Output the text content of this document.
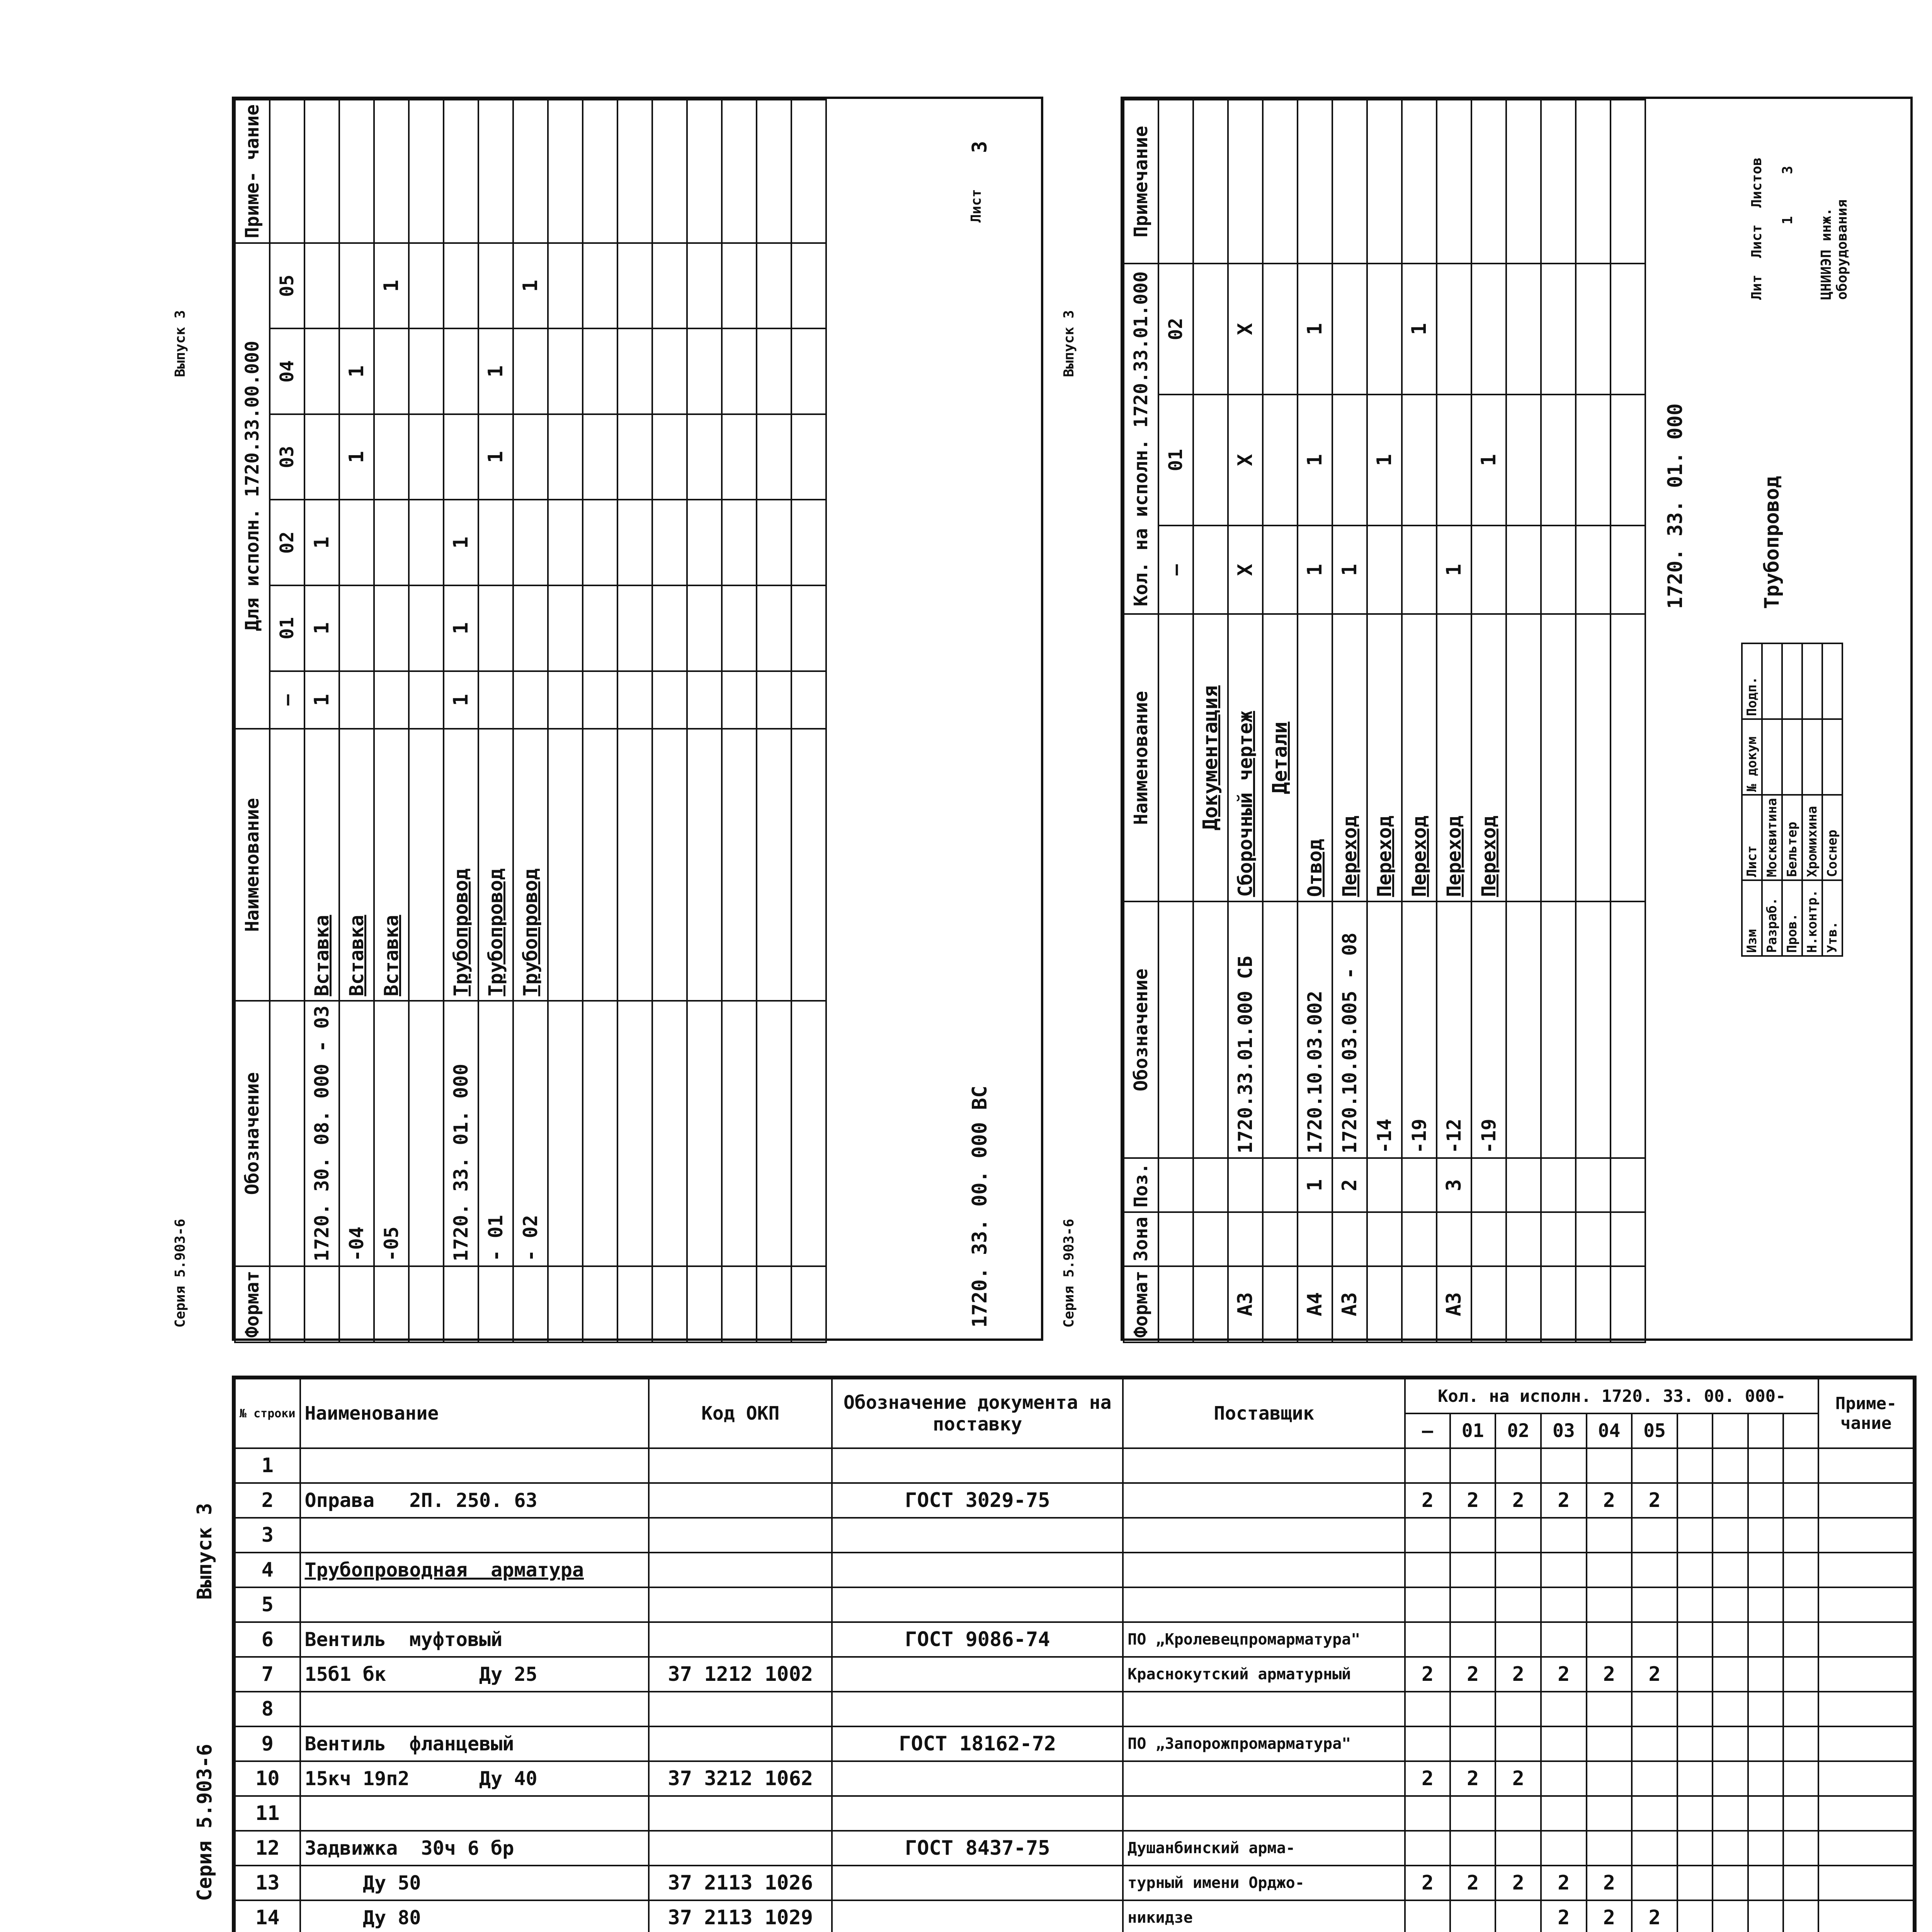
Формат	Обозначение	Наименование	Для исполн. 1720.33.00.000						Приме- чание
			—	01	02	03	04	05	
	1720. 30. 08. 000 - 03	Вставка	1	1	1				
	-04	Вставка				1	1		
	-05	Вставка						1	

	1720. 33. 01. 000	Трубопровод	1	1	1				
	- 01	Трубопровод				1	1		
	- 02	Трубопровод						1	

1720. 33. 00. 000 ВС
Лист
3
Серия 5.903-6
Выпуск 3
Формат	Зона	Поз.	Обозначение	Наименование	Кол. на исполн. 1720.33.01.000			Примечание
					—	01	02	
				Документация				
А3			1720.33.01.000 СБ	Сборочный чертеж	X	X	X	
				Детали				
А4		1	1720.10.03.002	Отвод	1	1	1	
А3		2	1720.10.03.005 - 08	Переход	1			
			-14	Переход		1		
			-19	Переход			1	
А3		3	-12	Переход	1			
			-19	Переход		1		

									1720. 33. 01. 000	Трубопровод
ЦНИИЭП инж. оборудования
Лит  Лист  Листов
1     3
Серия 5.903-6
Выпуск 3
Изм	Лист	№ докум	Подп.
Разраб.	Москвитина		
Пров.	Бельтер		
Н.контр.	Хромихина		
Утв.	Соснер		
Серия 5.903-6
Выпуск 3
№ строки	Наименование	Код ОКП	Обозначение документа на поставку	Поставщик	Кол. на исполн. 1720. 33. 00. 000-										Приме- чание
					—	01	02	03	04	05					
1															
2	Оправа   2П. 250. 63		ГОСТ 3029-75		2	2	2	2	2	2					
3															
4	Трубопроводная  арматура														
5															
6	Вентиль  муфтовый		ГОСТ 9086-74	ПО „Кролевецпромарматура"											
7	15б1 бк        Ду 25	37 1212 1002		Краснокутский арматурный	2	2	2	2	2	2					
8															
9	Вентиль  фланцевый		ГОСТ 18162-72	ПО „Запорожпромарматура"											
10	15кч 19п2      Ду 40	37 3212 1062			2	2	2								
11															
12	Задвижка  30ч 6 бр		ГОСТ 8437-75	Душанбинский арма-											
13	Ду 50	37 2113 1026		турный имени Орджо-	2	2	2	2	2						
14	Ду 80	37 2113 1029		никидзе				2	2	2					
